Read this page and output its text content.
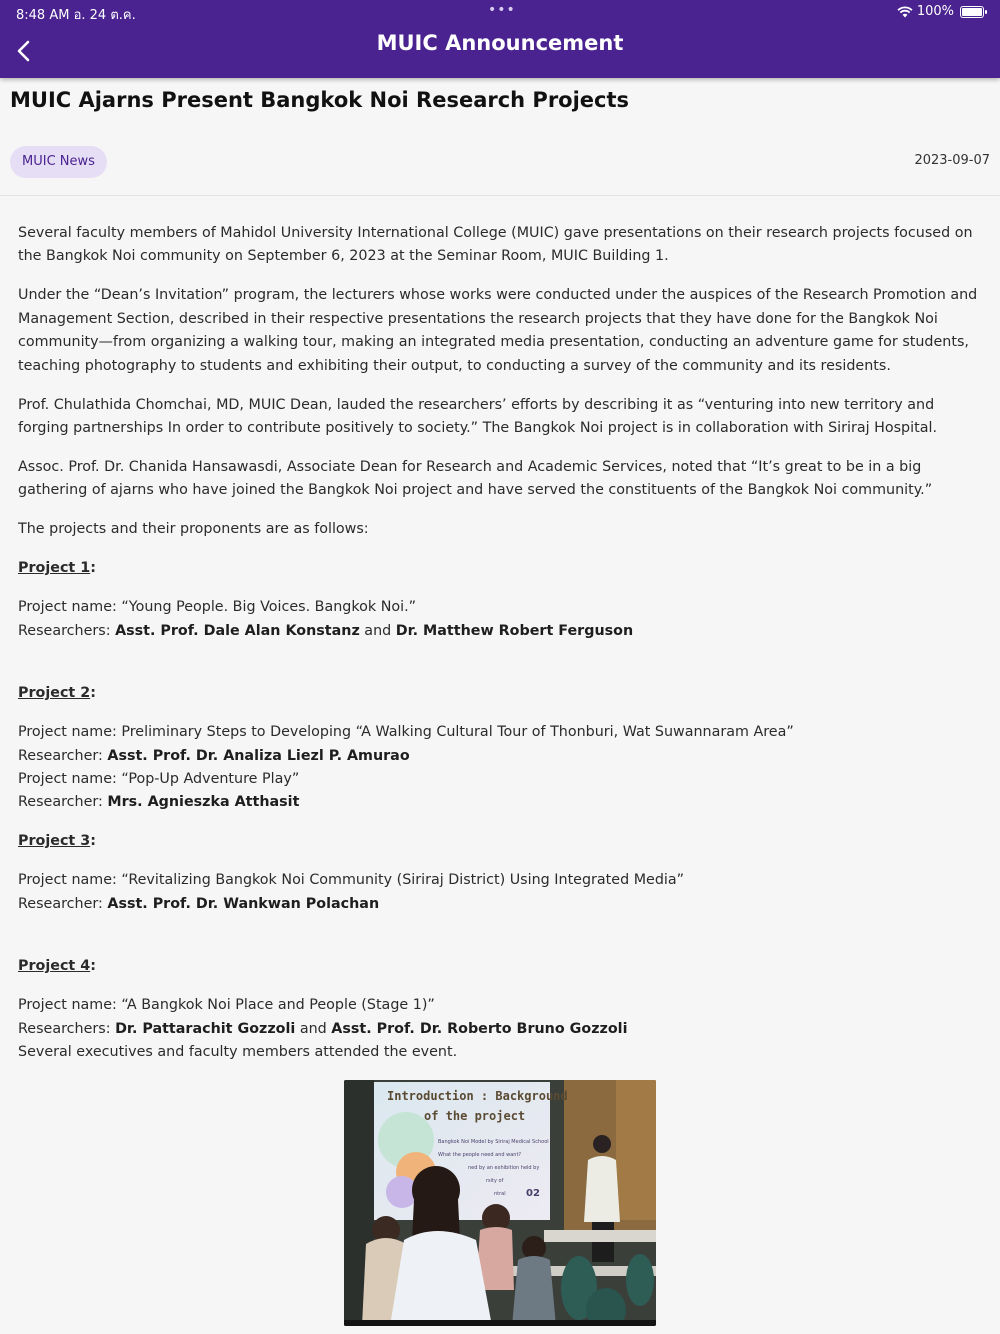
8:48 AM อ. 24 ต.ค.	•••	100%
MUIC Announcement
MUIC Ajarns Present Bangkok Noi Research Projects
MUIC News	2023-09-07

Several faculty members of Mahidol University International College (MUIC) gave presentations on their research projects focused on the Bangkok Noi community on September 6, 2023 at the Seminar Room, MUIC Building 1.

Under the “Dean’s Invitation” program, the lecturers whose works were conducted under the auspices of the Research Promotion and Management Section, described in their respective presentations the research projects that they have done for the Bangkok Noi community—from organizing a walking tour, making an integrated media presentation, conducting an adventure game for students, teaching photography to students and exhibiting their output, to conducting a survey of the community and its residents.

Prof. Chulathida Chomchai, MD, MUIC Dean, lauded the researchers’ efforts by describing it as “venturing into new territory and forging partnerships In order to contribute positively to society.” The Bangkok Noi project is in collaboration with Siriraj Hospital.

Assoc. Prof. Dr. Chanida Hansawasdi, Associate Dean for Research and Academic Services, noted that “It’s great to be in a big gathering of ajarns who have joined the Bangkok Noi project and have served the constituents of the Bangkok Noi community.”

The projects and their proponents are as follows:

Project 1:

Project name: “Young People. Big Voices. Bangkok Noi.”

Researchers: Asst. Prof. Dale Alan Konstanz and Dr. Matthew Robert Ferguson

Project 2:

Project name: Preliminary Steps to Developing “A Walking Cultural Tour of Thonburi, Wat Suwannaram Area”

Researcher: Asst. Prof. Dr. Analiza Liezl P. Amurao

Project name: “Pop-Up Adventure Play”

Researcher: Mrs. Agnieszka Atthasit

Project 3:

Project name: “Revitalizing Bangkok Noi Community (Siriraj District) Using Integrated Media”

Researcher: Asst. Prof. Dr. Wankwan Polachan

Project 4:

Project name: “A Bangkok Noi Place and People (Stage 1)”

Researchers: Dr. Pattarachit Gozzoli and Asst. Prof. Dr. Roberto Bruno Gozzoli

Several executives and faculty members attended the event.

Introduction : Background
of the project
Bangkok Noi Model by Siriraj Medical School
What the people need and want?
ned by an exhibition held by
rsity of
ntral 02
